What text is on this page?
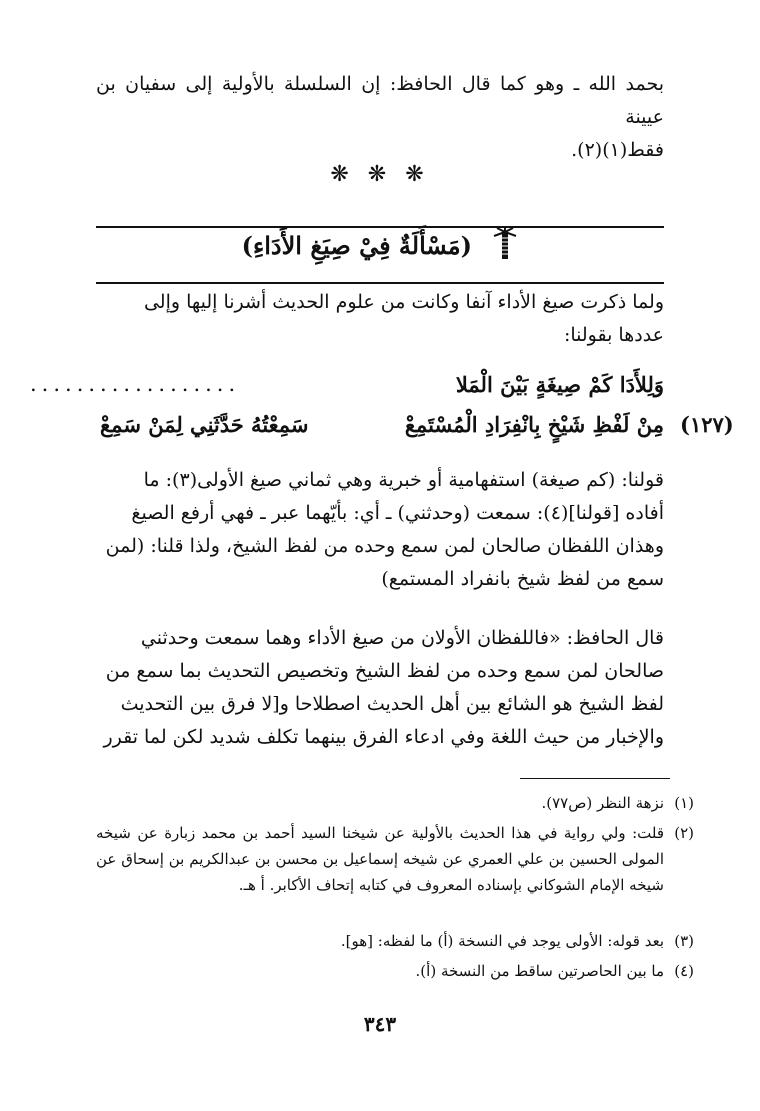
بحمد الله ـ وهو كما قال الحافظ: إن السلسلة بالأولية إلى سفيان بن عيينة
فقط(١)(٢).
❋ ❋ ❋
(مَسْأَلَةٌ فِيْ صِيَغِ الأَدَاءِ)
ولما ذكرت صيغ الأداء آنفا وكانت من علوم الحديث أشرنا إليها وإلى
عددها بقولنا:
وَلِلأَدَا كَمْ صِيغَةٍ بَيْنَ الْمَلا
..................
مِنْ لَفْظِ شَيْخٍ بِانْفِرَادِ الْمُسْتَمِعْ
سَمِعْتُهُ حَدَّثَنِي لِمَنْ سَمِعْ	(١٢٧)
قولنا: (كم صيغة) استفهامية أو خبرية وهي ثماني صيغ الأولى(٣): ما
أفاده [قولنا](٤): سمعت (وحدثني) ـ أي: بأيّهما عبر ـ فهي أرفع الصيغ
وهذان اللفظان صالحان لمن سمع وحده من لفظ الشيخ، ولذا قلنا: (لمن
سمع من لفظ شيخ بانفراد المستمع)
قال الحافظ: «فاللفظان الأولان من صيغ الأداء وهما سمعت وحدثني
صالحان لمن سمع وحده من لفظ الشيخ وتخصيص التحديث بما سمع من
لفظ الشيخ هو الشائع بين أهل الحديث اصطلاحا و[لا فرق بين التحديث
والإخبار من حيث اللغة وفي ادعاء الفرق بينهما تكلف شديد لكن لما تقرر
(١)
نزهة النظر (ص٧٧).
(٢)
قلت: ولي رواية في هذا الحديث بالأولية عن شيخنا السيد أحمد بن محمد زبارة عن شيخه المولى الحسين بن علي العمري عن شيخه إسماعيل بن محسن بن عبدالكريم بن إسحاق عن شيخه الإمام الشوكاني بإسناده المعروف في كتابه إتحاف الأكابر. أ هـ.
(٣)
بعد قوله: الأولى يوجد في النسخة (أ) ما لفظه: [هو].
(٤)
ما بين الحاصرتين ساقط من النسخة (أ).
٣٤٣
